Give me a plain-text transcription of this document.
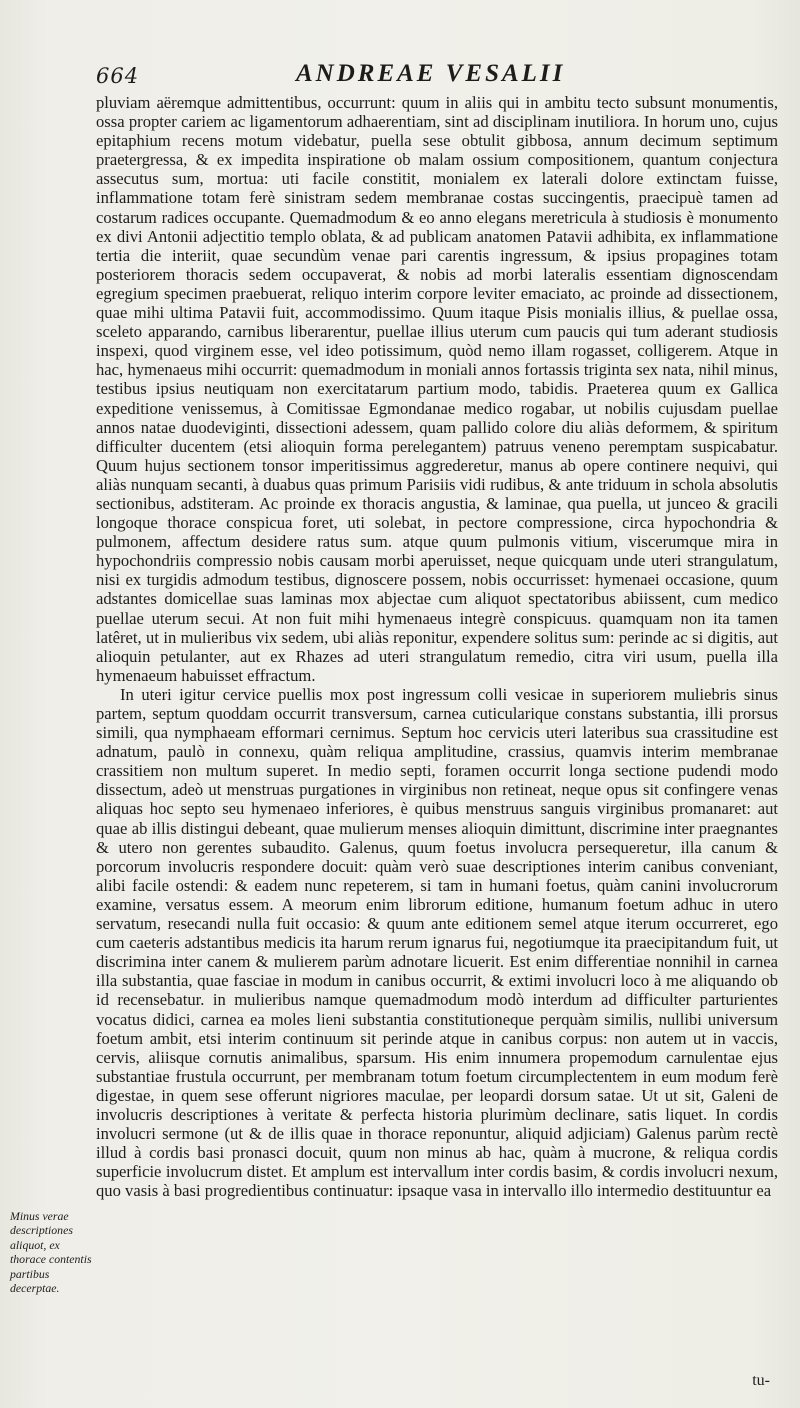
664	ANDREAE VESALII

pluviam aëremque admittentibus, occurrunt: quum in aliis qui in ambitu tecto subsunt monumentis, ossa propter cariem ac ligamentorum adhaerentiam, sint ad disciplinam inutiliora. In horum uno, cujus epitaphium recens motum videbatur, puella sese obtulit gibbosa, annum decimum septimum praetergressa, & ex impedita inspiratione ob malam ossium compositionem, quantum conjectura assecutus sum, mortua: uti facile constitit, monialem ex laterali dolore extinctam fuisse, inflammatione totam ferè sinistram sedem membranae costas succingentis, praecipuè tamen ad costarum radices occupante. Quemadmodum & eo anno elegans meretricula à studiosis è monumento ex divi Antonii adjectitio templo oblata, & ad publicam anatomen Patavii adhibita, ex inflammatione tertia die interiit, quae secundùm venae pari carentis ingressum, & ipsius propagines totam posteriorem thoracis sedem occupaverat, & nobis ad morbi lateralis essentiam dignoscendam egregium specimen praebuerat, reliquo interim corpore leviter emaciato, ac proinde ad dissectionem, quae mihi ultima Patavii fuit, accommodissimo. Quum itaque Pisis monialis illius, & puellae ossa, sceleto apparando, carnibus liberarentur, puellae illius uterum cum paucis qui tum aderant studiosis inspexi, quod virginem esse, vel ideo potissimum, quòd nemo illam rogasset, colligerem. Atque in hac, hymenaeus mihi occurrit: quemadmodum in moniali annos fortassis triginta sex nata, nihil minus, testibus ipsius neutiquam non exercitatarum partium modo, tabidis. Praeterea quum ex Gallica expeditione venissemus, à Comitissae Egmondanae medico rogabar, ut nobilis cujusdam puellae annos natae duodeviginti, dissectioni adessem, quam pallido colore diu aliàs deformem, & spiritum difficulter ducentem (etsi alioquin forma perelegantem) patruus veneno peremptam suspicabatur. Quum hujus sectionem tonsor imperitissimus aggrederetur, manus ab opere continere nequivi, qui aliàs nunquam secanti, à duabus quas primum Parisiis vidi rudibus, & ante triduum in schola absolutis sectionibus, adstiteram. Ac proinde ex thoracis angustia, & laminae, qua puella, ut junceo & gracili longoque thorace conspicua foret, uti solebat, in pectore compressione, circa hypochondria & pulmonem, affectum desidere ratus sum. atque quum pulmonis vitium, viscerumque mira in hypochondriis compressio nobis causam morbi aperuisset, neque quicquam unde uteri strangulatum, nisi ex turgidis admodum testibus, dignoscere possem, nobis occurrisset: hymenaei occasione, quum adstantes domicellae suas laminas mox abjectae cum aliquot spectatoribus abiissent, cum medico puellae uterum secui. At non fuit mihi hymenaeus integrè conspicuus. quamquam non ita tamen latêret, ut in mulieribus vix sedem, ubi aliàs reponitur, expendere solitus sum: perinde ac si digitis, aut alioquin petulanter, aut ex Rhazes ad uteri strangulatum remedio, citra viri usum, puella illa hymenaeum habuisset effractum.

In uteri igitur cervice puellis mox post ingressum colli vesicae in superiorem muliebris sinus partem, septum quoddam occurrit transversum, carnea cuticularique constans substantia, illi prorsus simili, qua nymphaeam efformari cernimus. Septum hoc cervicis uteri lateribus sua crassitudine est adnatum, paulò in connexu, quàm reliqua amplitudine, crassius, quamvis interim membranae crassitiem non multum superet. In medio septi, foramen occurrit longa sectione pudendi modo dissectum, adeò ut menstruas purgationes in virginibus non retineat, neque opus sit confingere venas aliquas hoc septo seu hymenaeo inferiores, è quibus menstruus sanguis virginibus promanaret: aut quae ab illis distingui debeant, quae mulierum menses alioquin dimittunt, discrimine inter praegnantes & utero non gerentes subaudito. Galenus, quum foetus involucra persequeretur, illa canum & porcorum involucris respondere docuit: quàm verò suae descriptiones interim canibus conveniant, alibi facile ostendi: & eadem nunc repeterem, si tam in humani foetus, quàm canini involucrorum examine, versatus essem. A meorum enim librorum editione, humanum foetum adhuc in utero servatum, resecandi nulla fuit occasio: & quum ante editionem semel atque iterum occurreret, ego cum caeteris adstantibus medicis ita harum rerum ignarus fui, negotiumque ita praecipitandum fuit, ut discrimina inter canem & mulierem parùm adnotare licuerit. Est enim differentiae nonnihil in carnea illa substantia, quae fasciae in modum in canibus occurrit, & extimi involucri loco à me aliquando ob id recensebatur. in mulieribus namque quemadmodum modò interdum ad difficulter parturientes vocatus didici, carnea ea moles lieni substantia constitutioneque perquàm similis, nullibi universum foetum ambit, etsi interim continuum sit perinde atque in canibus corpus: non autem ut in vaccis, cervis, aliisque cornutis animalibus, sparsum. His enim innumera propemodum carnulentae ejus substantiae frustula occurrunt, per membranam totum foetum circumplectentem in eum modum ferè digestae, in quem sese offerunt nigriores maculae, per leopardi dorsum satae. Ut ut sit, Galeni de involucris descriptiones à veritate & perfecta historia plurimùm declinare, satis liquet. In cordis involucri sermone (ut & de illis quae in thorace reponuntur, aliquid adjiciam) Galenus parùm rectè illud à cordis basi pronasci docuit, quum non minus ab hac, quàm à mucrone, & reliqua cordis superficie involucrum distet. Et amplum est intervallum inter cordis basim, & cordis involucri nexum, quo vasis à basi progredientibus continuatur: ipsaque vasa in intervallo illo intermedio destituuntur ea

Minus verae descriptiones aliquot, ex thorace contentis partibus decerptae.
tu-
